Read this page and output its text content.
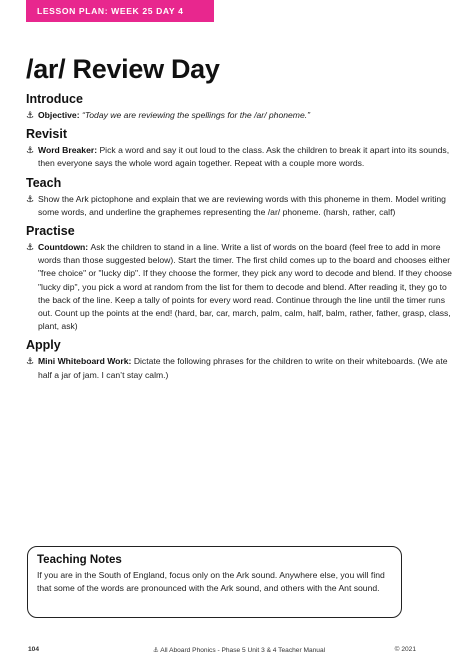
LESSON PLAN: WEEK 25 DAY 4
/ar/ Review Day
Introduce
⚓ Objective: “Today we are reviewing the spellings for the /ar/ phoneme.”
Revisit
⚓ Word Breaker: Pick a word and say it out loud to the class. Ask the children to break it apart into its sounds, then everyone says the whole word again together. Repeat with a couple more words.
Teach
⚓ Show the Ark pictophone and explain that we are reviewing words with this phoneme in them. Model writing some words, and underline the graphemes representing the /ar/ phoneme. (harsh, rather, calf)
Practise
⚓ Countdown: Ask the children to stand in a line. Write a list of words on the board (feel free to add in more words than those suggested below). Start the timer. The first child comes up to the board and chooses either "free choice" or "lucky dip". If they choose the former, they pick any word to decode and blend. If they choose "lucky dip", you pick a word at random from the list for them to decode and blend. After reading it, they go to the back of the line. Keep a tally of points for every word read. Continue through the line until the timer runs out. Count up the points at the end! (hard, bar, car, march, palm, calm, half, balm, rather, father, grasp, class, plant, ask)
Apply
⚓ Mini Whiteboard Work: Dictate the following phrases for the children to write on their whiteboards. (We ate half a jar of jam. I can’t stay calm.)
Teaching Notes
If you are in the South of England, focus only on the Ark sound. Anywhere else, you will find that some of the words are pronounced with the Ark sound, and others with the Ant sound.
104	⚓ All Aboard Phonics - Phase 5 Unit 3 & 4 Teacher Manual	© 2021
